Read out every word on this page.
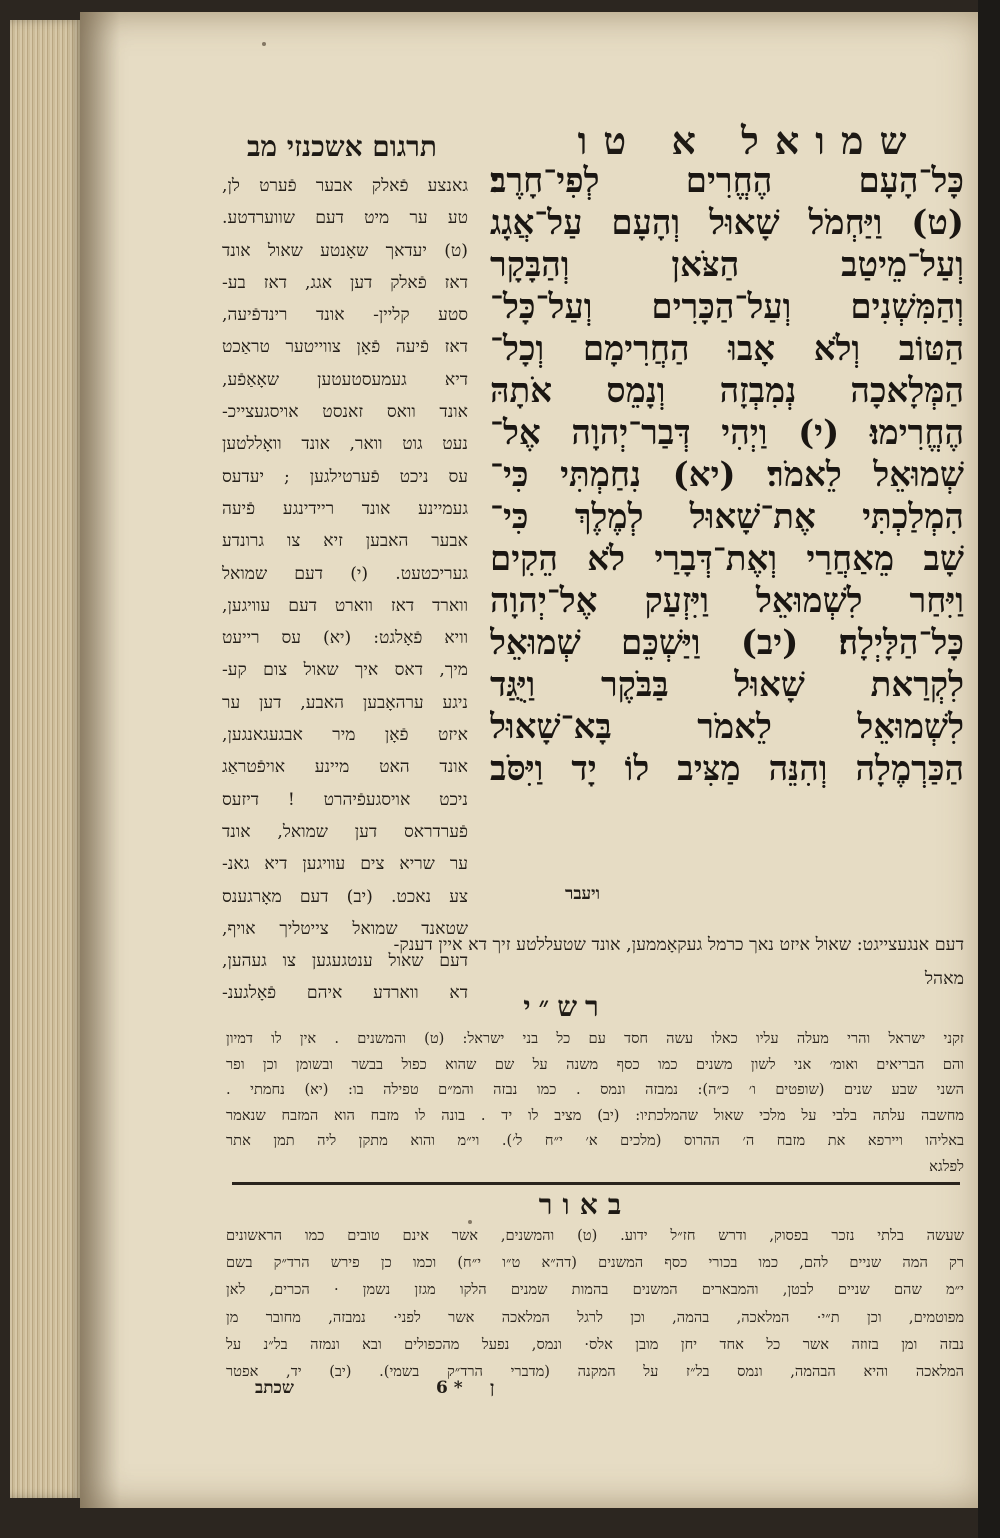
תרגום אשכנזי מב	שמואל א טו
גאנצע פֿאלק אבער פֿערט לן,
טע ער מיט דעם שווערדטע.
(ט) יעדאך שאָנטע שאול אונד
דאז פֿאלק דען אגג, דאז בע-
סטע קליין- אונד רינדפֿיעה,
דאז פֿיעה פֿאָן צווייטער טראַכט
דיא געמעסטעטען שאָאַפֿע,
אונד וואס זאנסט אויסגעצייכ-
נעט גוט וואר, אונד וואָללטען
עס ניכט פֿערטילגען ; יעדעס
געמיינע אונד ריידינגע פֿיעה
אבער האבען זיא צו גרונדע
געריכטעט. (י) דעם שמואל
ווארד דאז ווארט דעם עוויגען,
וויא פֿאָלגט: (יא) עס רייעט
מיך, דאס איך שאול צום קע-
ניגע ערהאָבען האבע, דען ער
איזט פֿאָן מיר אבגעגאנגען,
אונד האט מיינע אויפֿטראַג
ניכט אויסגעפֿיהרט ! דיזעס
פֿערדראס דען שמואל, אונד
ער שריא צים עוויגען דיא גאנ-
צע נאכט. (יב) דעם מאָרגענס
שטאנד שמואל צייטליך אויף,
דעם שאול ענטגעגען צו געהען,
דא ווארדע איהם פֿאָלגענ-
כָּל־הָעָם הֶחֱרִים לְפִי־חָרֶב׃
(ט) וַיַּחְמֹל שָׁאוּל וְהָעָם עַל־אֲגָג
וְעַל־מֵיטַב הַצֹּאן וְהַבָּקָר
וְהַמִּשְׁנִים וְעַל־הַכָּרִים וְעַל־כָּל־
הַטּוֹב וְלֹא אָבוּ הַחֲרִימָם וְכָל־
הַמְּלָאכָה נְמִבְזָה וְנָמֵס אֹתָהּ
הֶחֱרִימוּ׃ (י) וַיְהִי דְּבַר־יְהוָה אֶל־
שְׁמוּאֵל לֵאמֹר׃ (יא) נִחַמְתִּי כִּי־
הִמְלַכְתִּי אֶת־שָׁאוּל לְמֶלֶךְ כִּי־
שָׁב מֵאַחֲרַי וְאֶת־דְּבָרַי לֹא הֵקִים
וַיִּחַר לִשְׁמוּאֵל וַיִּזְעַק אֶל־יְהוָה
כָּל־הַלָּיְלָה׃ (יב) וַיַּשְׁכֵּם שְׁמוּאֵל
לִקְרַאת שָׁאוּל בַּבֹּקֶר וַיֻּגַּד
לִשְׁמוּאֵל לֵאמֹר בָּא־שָׁאוּל
הַכַּרְמֶלָה וְהִנֵּה מַצִּיב לוֹ יָד וַיִּסֹּב
ויעבר
דעם אנגעצייגט: שאול איזט נאך כרמל געקאָממען, אונד שטעללטע זיך דא איין דענק-
מאהל
רש״י
זקני ישראל והרי מעלה עליו כאלו עשה חסד עם כל בני ישראל: (ט) והמשנים . אין לו דמיון
והם הבריאים ואומ׳ אני לשון משנים כמו כסף משנה על שם שהוא כפול בבשר ובשומן וכן ופר
השני שבע שנים (שופטים ו׳ כ״ה): נמבזה ונמס . כמו נבזה והמ״ם טפילה בו: (יא) נחמתי .
מחשבה עלתה בלבי על מלכי שאול שהמלכתיו: (יב) מציב לו יד . בונה לו מזבח הוא המזבח שנאמר
באליהו ויירפא את מזבח ה׳ ההרוס (מלכים א׳ י״ח ל׳). וי״מ והוא מתקן ליה תמן אתר
לפלגא
באור
שעשה בלתי נזכר בפסוק, ודרש חז״ל ידוע. (ט) והמשנים, אשר אינם טובים כמו הראשונים
רק המה שניים להם, כמו בכורי כסף המשנים (דה״א ט״ו י״ח) וכמו כן פירש הרד״ק בשם
י״מ שהם שניים לבטן, והמבארים המשנים בהמות שמנים הלקו מגזן נשמן · הכרים, לאן
מפוטמים, וכן ת״י· המלאכה, בהמה, וכן לרגל המלאכה אשר לפני· נמבזה, מחובר מן
נבזה ומן בזוזה אשר כל אחד יחן מובן אלס· ונמס, נפעל מהכפולים ובא ונמזה בל״נ על
המלאכה והיא הבהמה, ונמס בל״ז על המקנה (מדברי הרד״ק בשמי). (יב) יד, אפטר
שכתב	6 * ן
